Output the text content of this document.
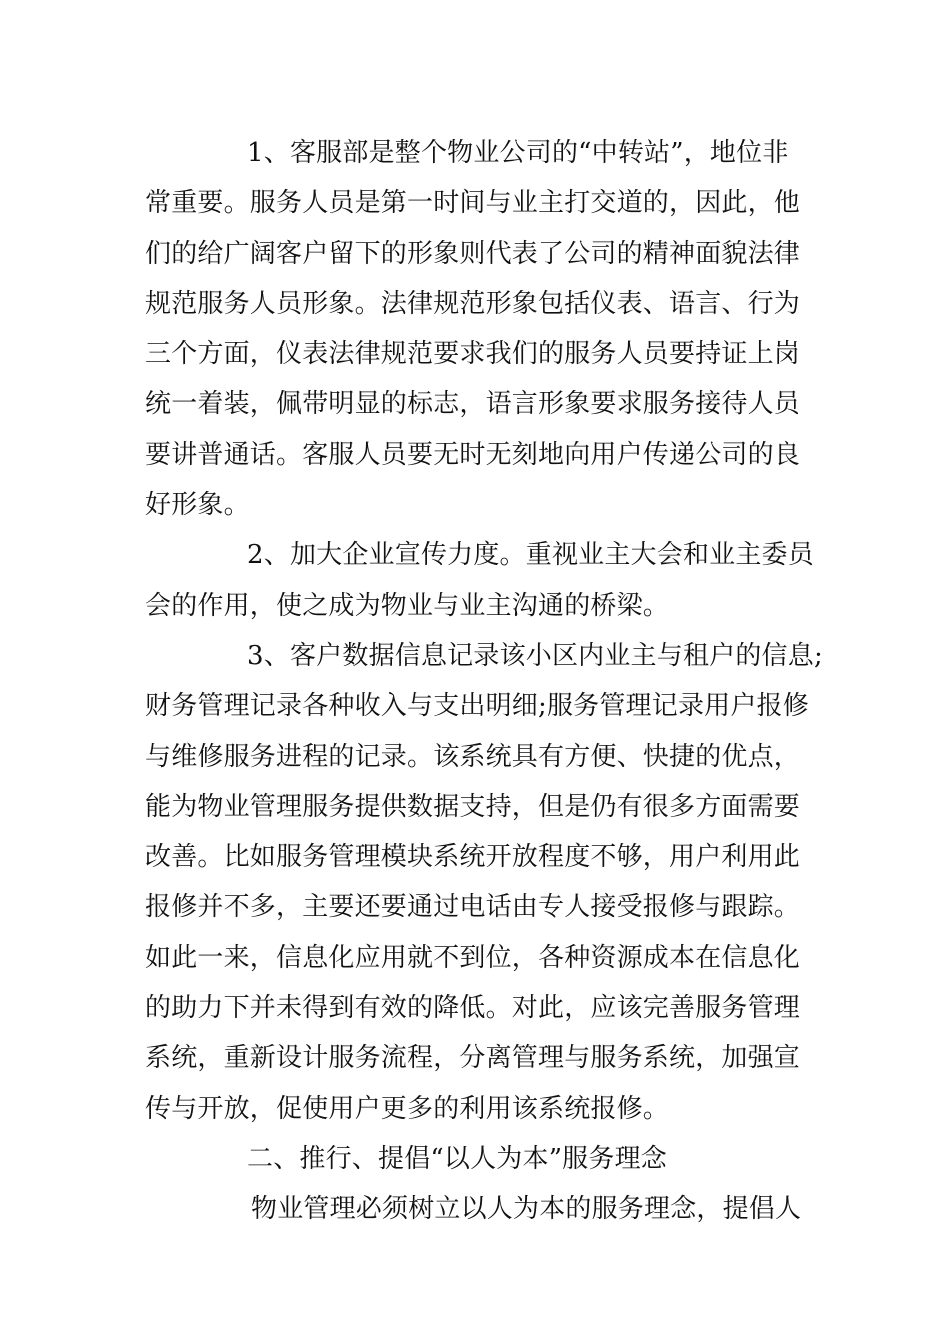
1、客服部是整个物业公司的“中转站”，地位非
常重要。服务人员是第一时间与业主打交道的，因此，他
们的给广阔客户留下的形象则代表了公司的精神面貌法律
规范服务人员形象。法律规范形象包括仪表、语言、行为
三个方面，仪表法律规范要求我们的服务人员要持证上岗
统一着装，佩带明显的标志，语言形象要求服务接待人员
要讲普通话。客服人员要无时无刻地向用户传递公司的良
好形象。
2、加大企业宣传力度。重视业主大会和业主委员
会的作用，使之成为物业与业主沟通的桥梁。
3、客户数据信息记录该小区内业主与租户的信息;
财务管理记录各种收入与支出明细;服务管理记录用户报修
与维修服务进程的记录。该系统具有方便、快捷的优点，
能为物业管理服务提供数据支持，但是仍有很多方面需要
改善。比如服务管理模块系统开放程度不够，用户利用此
报修并不多，主要还要通过电话由专人接受报修与跟踪。
如此一来，信息化应用就不到位，各种资源成本在信息化
的助力下并未得到有效的降低。对此，应该完善服务管理
系统，重新设计服务流程，分离管理与服务系统，加强宣
传与开放，促使用户更多的利用该系统报修。
二、推行、提倡“以人为本”服务理念
物业管理必须树立以人为本的服务理念，提倡人
